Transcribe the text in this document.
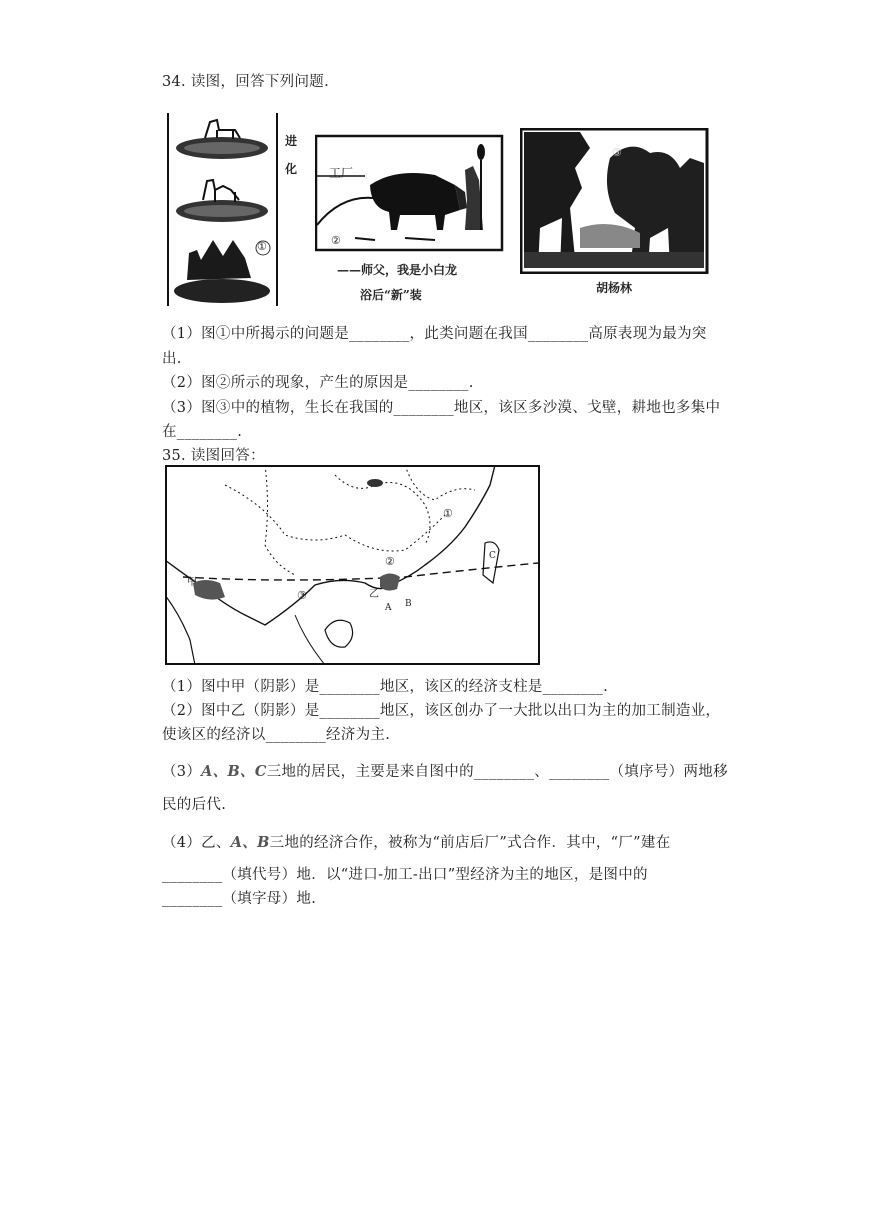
34. 读图，回答下列问题.
进
化
①
工厂
②
——师父，我是小白龙
浴后“新”装
③
胡杨林
（1）图①中所揭示的问题是________，此类问题在我国________高原表现为最为突
出.
（2）图②所示的现象，产生的原因是________.
（3）图③中的植物，生长在我国的________地区，该区多沙漠、戈壁，耕地也多集中
在________.
35. 读图回答：
①
②
③
甲
乙
A B
C
（1）图中甲（阴影）是________地区，该区的经济支柱是________.
（2）图中乙（阴影）是________地区，该区创办了一大批以出口为主的加工制造业，
使该区的经济以________经济为主.
（3）A、B、C三地的居民，主要是来自图中的________、________（填序号）两地移
民的后代.
（4）乙、A、B三地的经济合作，被称为“前店后厂”式合作．其中，“厂”建在
________（填代号）地．以“进口-加工-出口”型经济为主的地区，是图中的
________（填字母）地.
